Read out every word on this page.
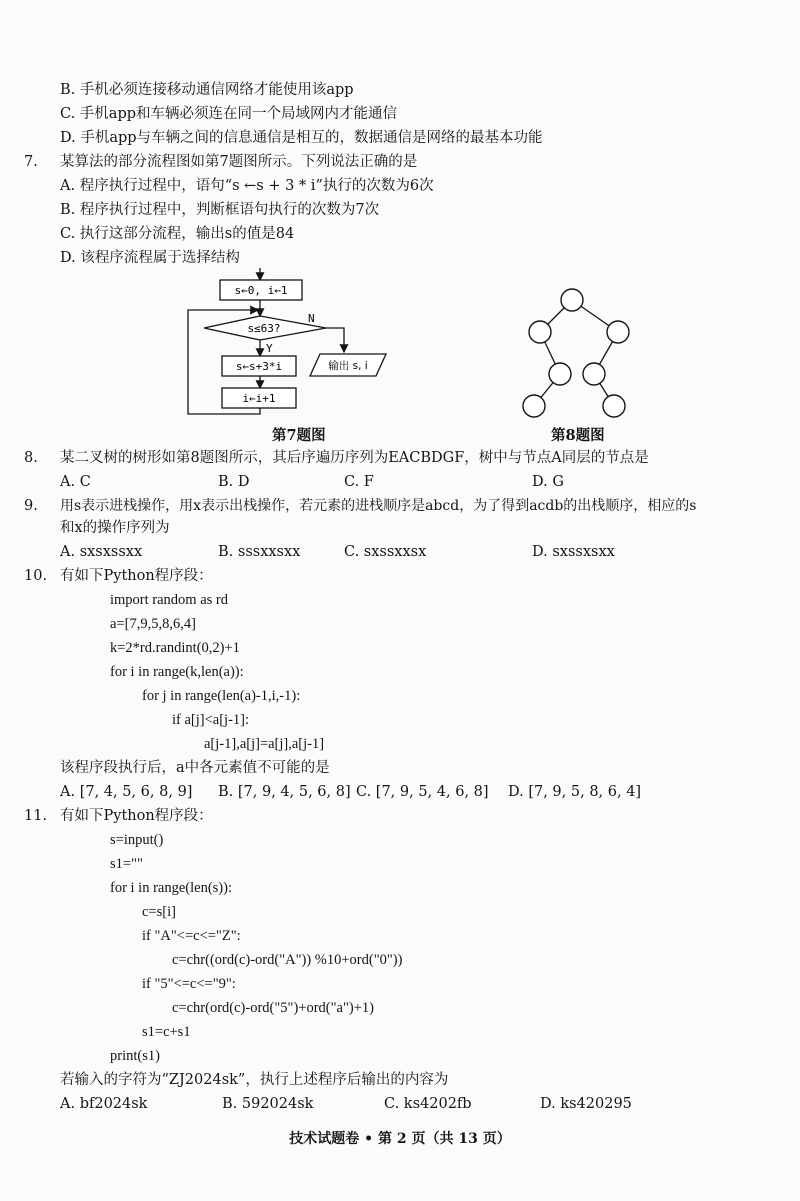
B. 手机必须连接移动通信网络才能使用该app
C. 手机app和车辆必须连在同一个局域网内才能通信
D. 手机app与车辆之间的信息通信是相互的，数据通信是网络的最基本功能
7. 某算法的部分流程图如第7题图所示。下列说法正确的是
A. 程序执行过程中，语句“s ←s + 3 * i”执行的次数为6次
B. 程序执行过程中，判断框语句执行的次数为7次
C. 执行这部分流程，输出s的值是84
D. 该程序流程属于选择结构
s←0, i←1
s≤63?
N
Y
s←s+3*i
i←i+1
输出 s, i
第7题图	第8题图
8. 某二叉树的树形如第8题图所示，其后序遍历序列为EACBDGF，树中与节点A同层的节点是
A. C	B. D	C. F	D. G
9. 用s表示进栈操作，用x表示出栈操作，若元素的进栈顺序是abcd，为了得到acdb的出栈顺序，相应的s
和x的操作序列为
A. sxsxssxx	B. sssxxsxx	C. sxssxxsx	D. sxssxsxx
10. 有如下Python程序段：
import random as rd
a=[7,9,5,8,6,4]
k=2*rd.randint(0,2)+1
for i in range(k,len(a)):
for j in range(len(a)-1,i,-1):
if a[j]<a[j-1]:
a[j-1],a[j]=a[j],a[j-1]
该程序段执行后，a中各元素值不可能的是
A. [7, 4, 5, 6, 8, 9] B. [7, 9, 4, 5, 6, 8] C. [7, 9, 5, 4, 6, 8] D. [7, 9, 5, 8, 6, 4]
11. 有如下Python程序段：
s=input()
s1=""
for i in range(len(s)):
c=s[i]
if "A"<=c<="Z":
c=chr((ord(c)-ord("A")) %10+ord("0"))
if "5"<=c<="9":
c=chr(ord(c)-ord("5")+ord("a")+1)
s1=c+s1
print(s1)
若输入的字符为“ZJ2024sk”，执行上述程序后输出的内容为
A. bf2024sk	B. 592024sk	C. ks4202fb	D. ks420295
技术试题卷 • 第 2 页（共 13 页）
